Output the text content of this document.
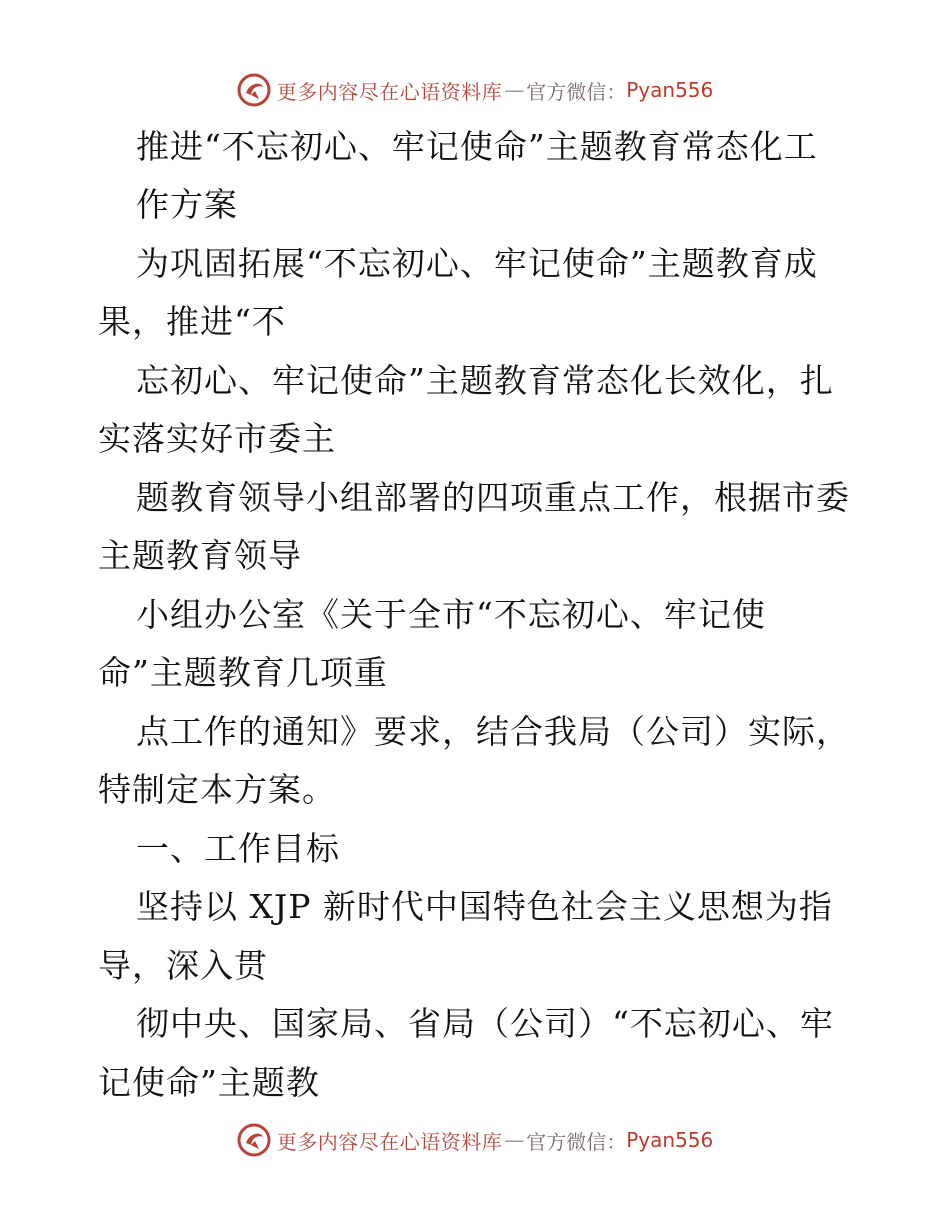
更多内容尽在心语资料库 — 官方微信： Pyan556
推进“不忘初心、牢记使命”主题教育常态化工
作方案
为巩固拓展“不忘初心、牢记使命”主题教育成
果，推进“不
忘初心、牢记使命”主题教育常态化长效化，扎
实落实好市委主
题教育领导小组部署的四项重点工作，根据市委
主题教育领导
小组办公室《关于全市“不忘初心、牢记使
命”主题教育几项重
点工作的通知》要求，结合我局（公司）实际，
特制定本方案。
一、工作目标
坚持以 XJP 新时代中国特色社会主义思想为指
导，深入贯
彻中央、国家局、省局（公司）“不忘初心、牢
记使命”主题教
更多内容尽在心语资料库 — 官方微信： Pyan556
